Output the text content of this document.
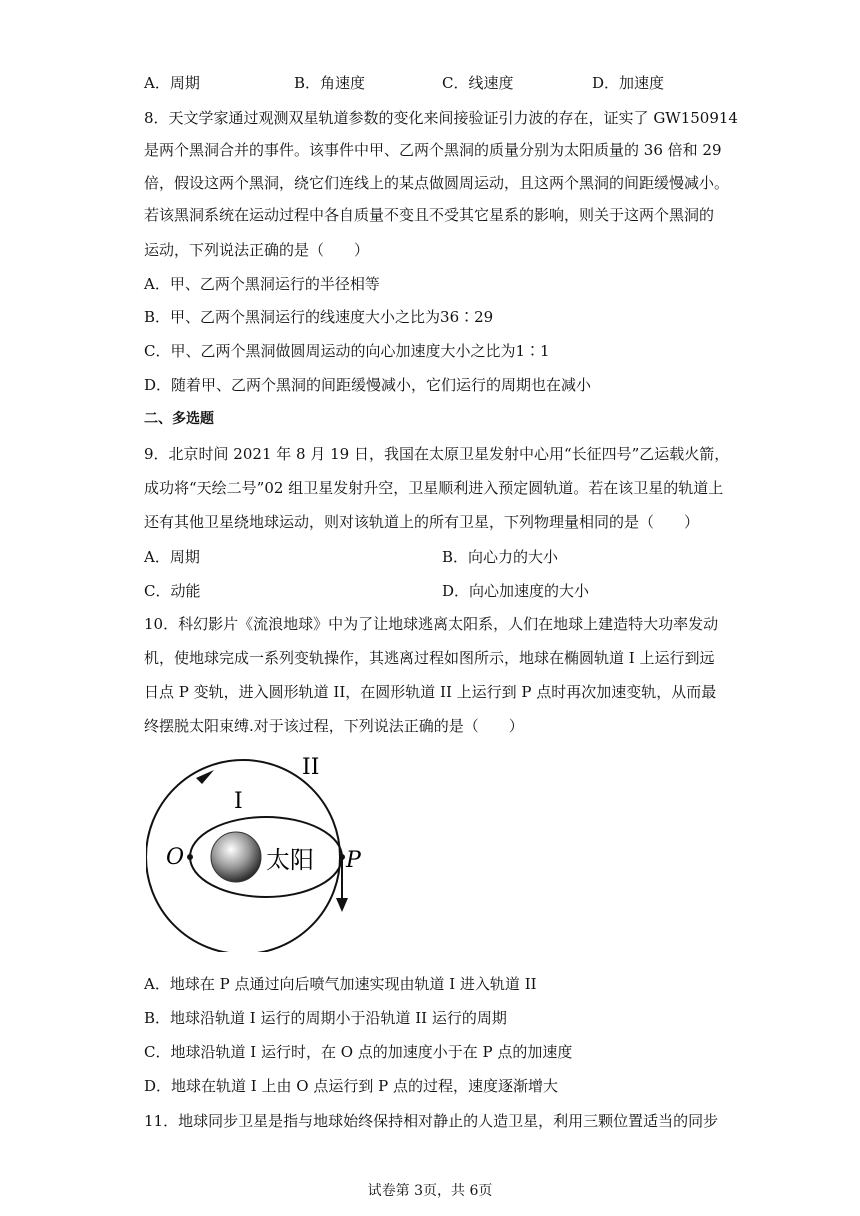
A．周期	B．角速度	C．线速度	D．加速度
8．天文学家通过观测双星轨道参数的变化来间接验证引力波的存在，证实了 GW150914
是两个黑洞合并的事件。该事件中甲、乙两个黑洞的质量分别为太阳质量的 36 倍和 29
倍，假设这两个黑洞，绕它们连线上的某点做圆周运动，且这两个黑洞的间距缓慢减小。
若该黑洞系统在运动过程中各自质量不变且不受其它星系的影响，则关于这两个黑洞的
运动，下列说法正确的是（　　）
A．甲、乙两个黑洞运行的半径相等
B．甲、乙两个黑洞运行的线速度大小之比为36∶29
C．甲、乙两个黑洞做圆周运动的向心加速度大小之比为1∶1
D．随着甲、乙两个黑洞的间距缓慢减小，它们运行的周期也在减小
二、多选题
9．北京时间 2021 年 8 月 19 日，我国在太原卫星发射中心用“长征四号”乙运载火箭，
成功将“天绘二号”02 组卫星发射升空，卫星顺利进入预定圆轨道。若在该卫星的轨道上
还有其他卫星绕地球运动，则对该轨道上的所有卫星，下列物理量相同的是（　　）
A．周期	B．向心力的大小
C．动能	D．向心加速度的大小
10．科幻影片《流浪地球》中为了让地球逃离太阳系，人们在地球上建造特大功率发动
机，使地球完成一系列变轨操作，其逃离过程如图所示，地球在椭圆轨道 I 上运行到远
日点 P 变轨，进入圆形轨道 II，在圆形轨道 II 上运行到 P 点时再次加速变轨，从而最
终摆脱太阳束缚.对于该过程，下列说法正确的是（　　）
II
I
O	P
太阳
A．地球在 P 点通过向后喷气加速实现由轨道 I 进入轨道 II
B．地球沿轨道 I 运行的周期小于沿轨道 II 运行的周期
C．地球沿轨道 I 运行时，在 O 点的加速度小于在 P 点的加速度
D．地球在轨道 I 上由 O 点运行到 P 点的过程，速度逐渐增大
11．地球同步卫星是指与地球始终保持相对静止的人造卫星，利用三颗位置适当的同步
试卷第 3页，共 6页
